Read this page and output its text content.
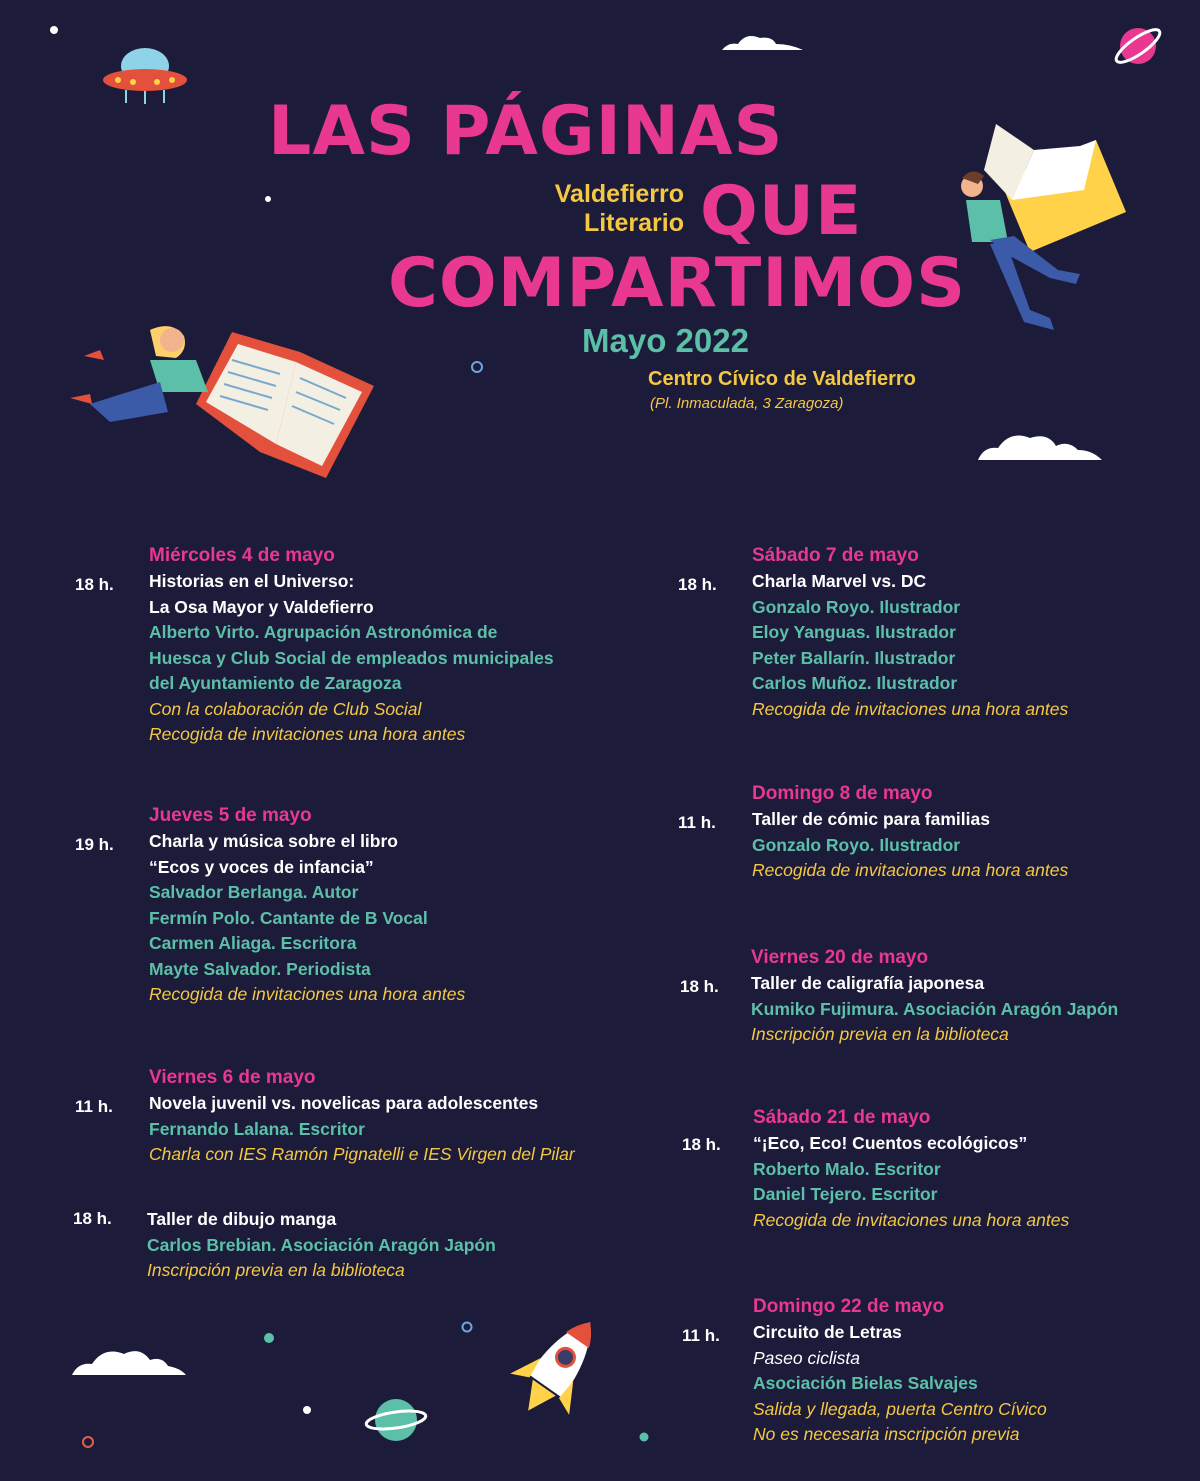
LAS PÁGINAS
Valdefierro
Literario QUE
COMPARTIMOS
Mayo 2022
Centro Cívico de Valdefierro
(Pl. Inmaculada, 3 Zaragoza)
Miércoles 4 de mayo
18 h. Historias en el Universo:
La Osa Mayor y Valdefierro
Alberto Virto. Agrupación Astronómica de
Huesca y Club Social de empleados municipales
del Ayuntamiento de Zaragoza
Con la colaboración de Club Social
Recogida de invitaciones una hora antes
Jueves 5 de mayo
19 h. Charla y música sobre el libro
“Ecos y voces de infancia”
Salvador Berlanga. Autor
Fermín Polo. Cantante de B Vocal
Carmen Aliaga. Escritora
Mayte Salvador. Periodista
Recogida de invitaciones una hora antes
Viernes 6 de mayo
11 h. Novela juvenil vs. novelicas para adolescentes
Fernando Lalana. Escritor
Charla con IES Ramón Pignatelli e IES Virgen del Pilar
18 h. Taller de dibujo manga
Carlos Brebian. Asociación Aragón Japón
Inscripción previa en la biblioteca
Sábado 7 de mayo
18 h. Charla Marvel vs. DC
Gonzalo Royo. Ilustrador
Eloy Yanguas. Ilustrador
Peter Ballarín. Ilustrador
Carlos Muñoz. Ilustrador
Recogida de invitaciones una hora antes
Domingo 8 de mayo
11 h. Taller de cómic para familias
Gonzalo Royo. Ilustrador
Recogida de invitaciones una hora antes
Viernes 20 de mayo
18 h. Taller de caligrafía japonesa
Kumiko Fujimura. Asociación Aragón Japón
Inscripción previa en la biblioteca
Sábado 21 de mayo
18 h. “¡Eco, Eco! Cuentos ecológicos”
Roberto Malo. Escritor
Daniel Tejero. Escritor
Recogida de invitaciones una hora antes
Domingo 22 de mayo
11 h. Circuito de Letras
Paseo ciclista
Asociación Bielas Salvajes
Salida y llegada, puerta Centro Cívico
No es necesaria inscripción previa
